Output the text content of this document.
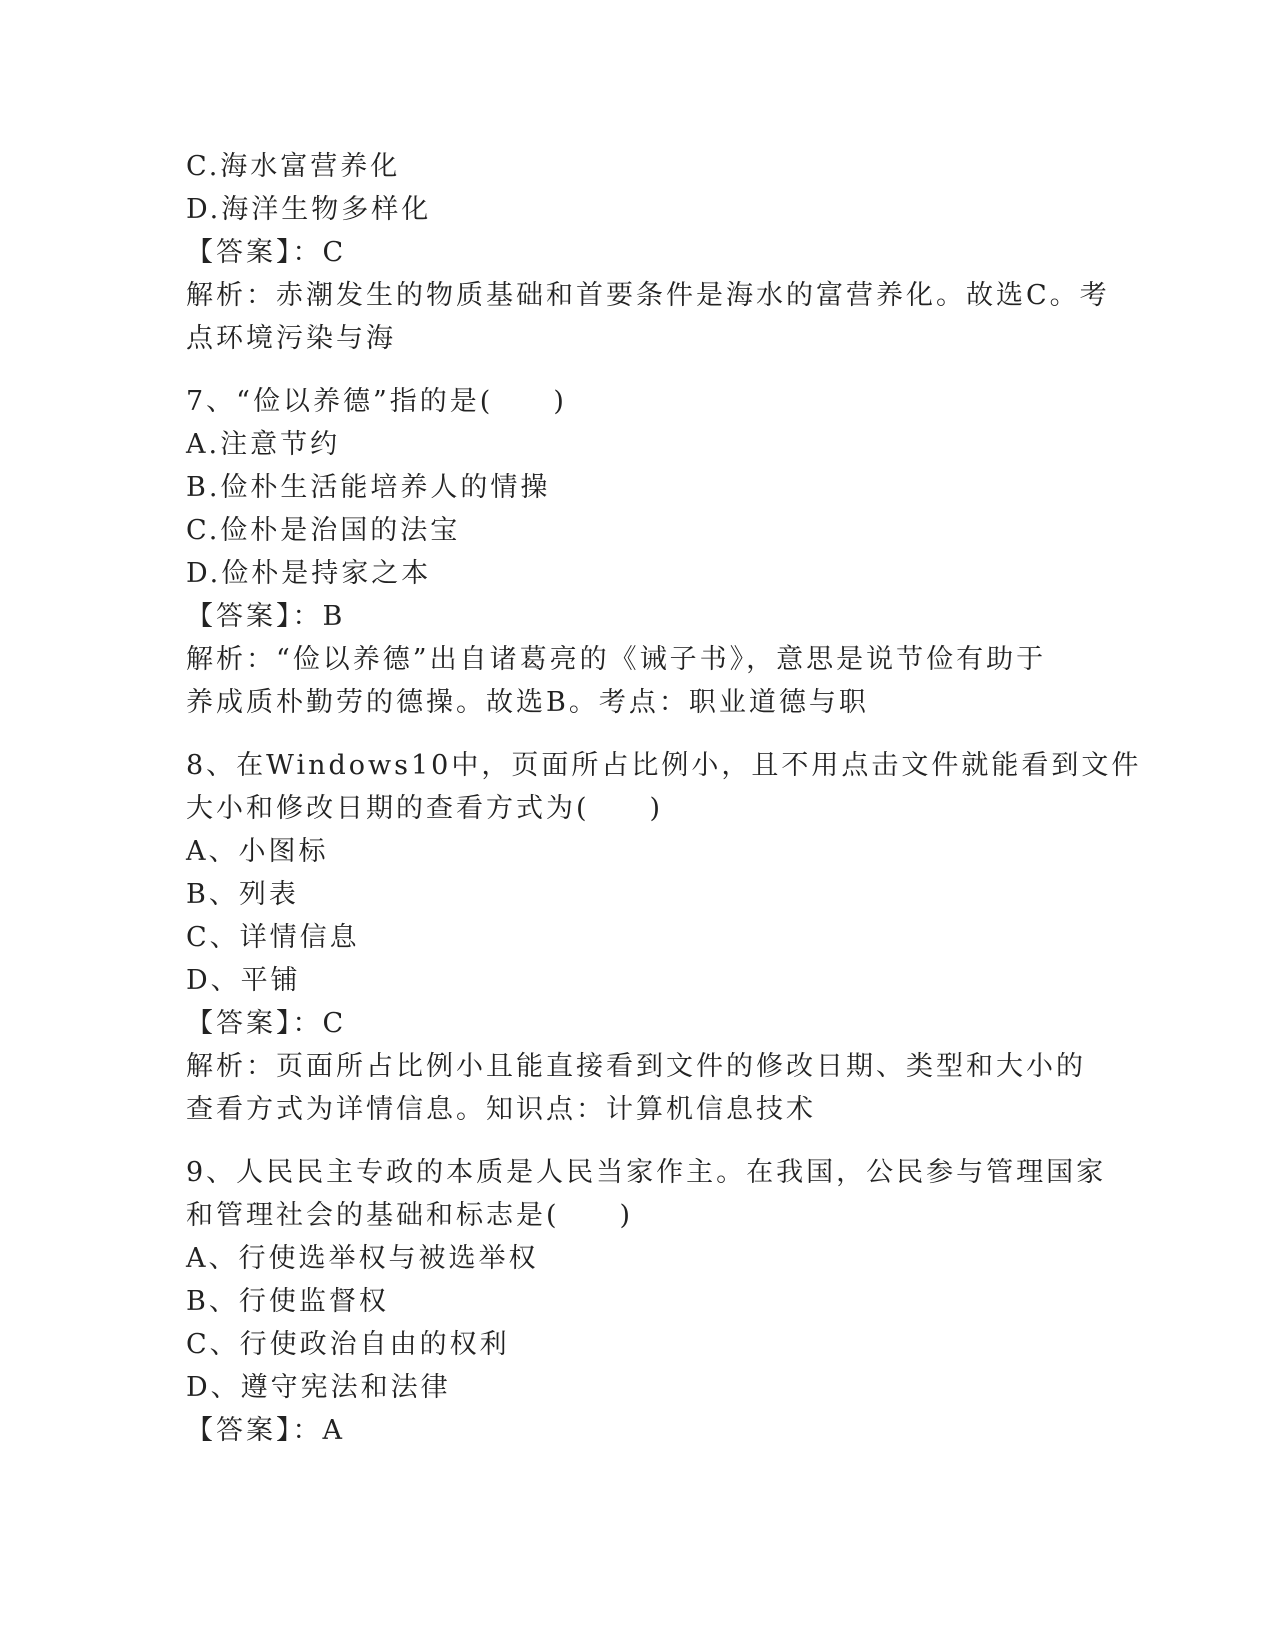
C.海水富营养化
D.海洋生物多样化
【答案】：C
解析：赤潮发生的物质基础和首要条件是海水的富营养化。故选C。考
点环境污染与海
7、“俭以养德”指的是(　　)
A.注意节约
B.俭朴生活能培养人的情操
C.俭朴是治国的法宝
D.俭朴是持家之本
【答案】：B
解析：“俭以养德”出自诸葛亮的《诫子书》，意思是说节俭有助于
养成质朴勤劳的德操。故选B。考点：职业道德与职
8、在Windows10中，页面所占比例小，且不用点击文件就能看到文件
大小和修改日期的查看方式为(　　)
A、小图标
B、列表
C、详情信息
D、平铺
【答案】：C
解析：页面所占比例小且能直接看到文件的修改日期、类型和大小的
查看方式为详情信息。知识点：计算机信息技术
9、人民民主专政的本质是人民当家作主。在我国，公民参与管理国家
和管理社会的基础和标志是(　　)
A、行使选举权与被选举权
B、行使监督权
C、行使政治自由的权利
D、遵守宪法和法律
【答案】：A
